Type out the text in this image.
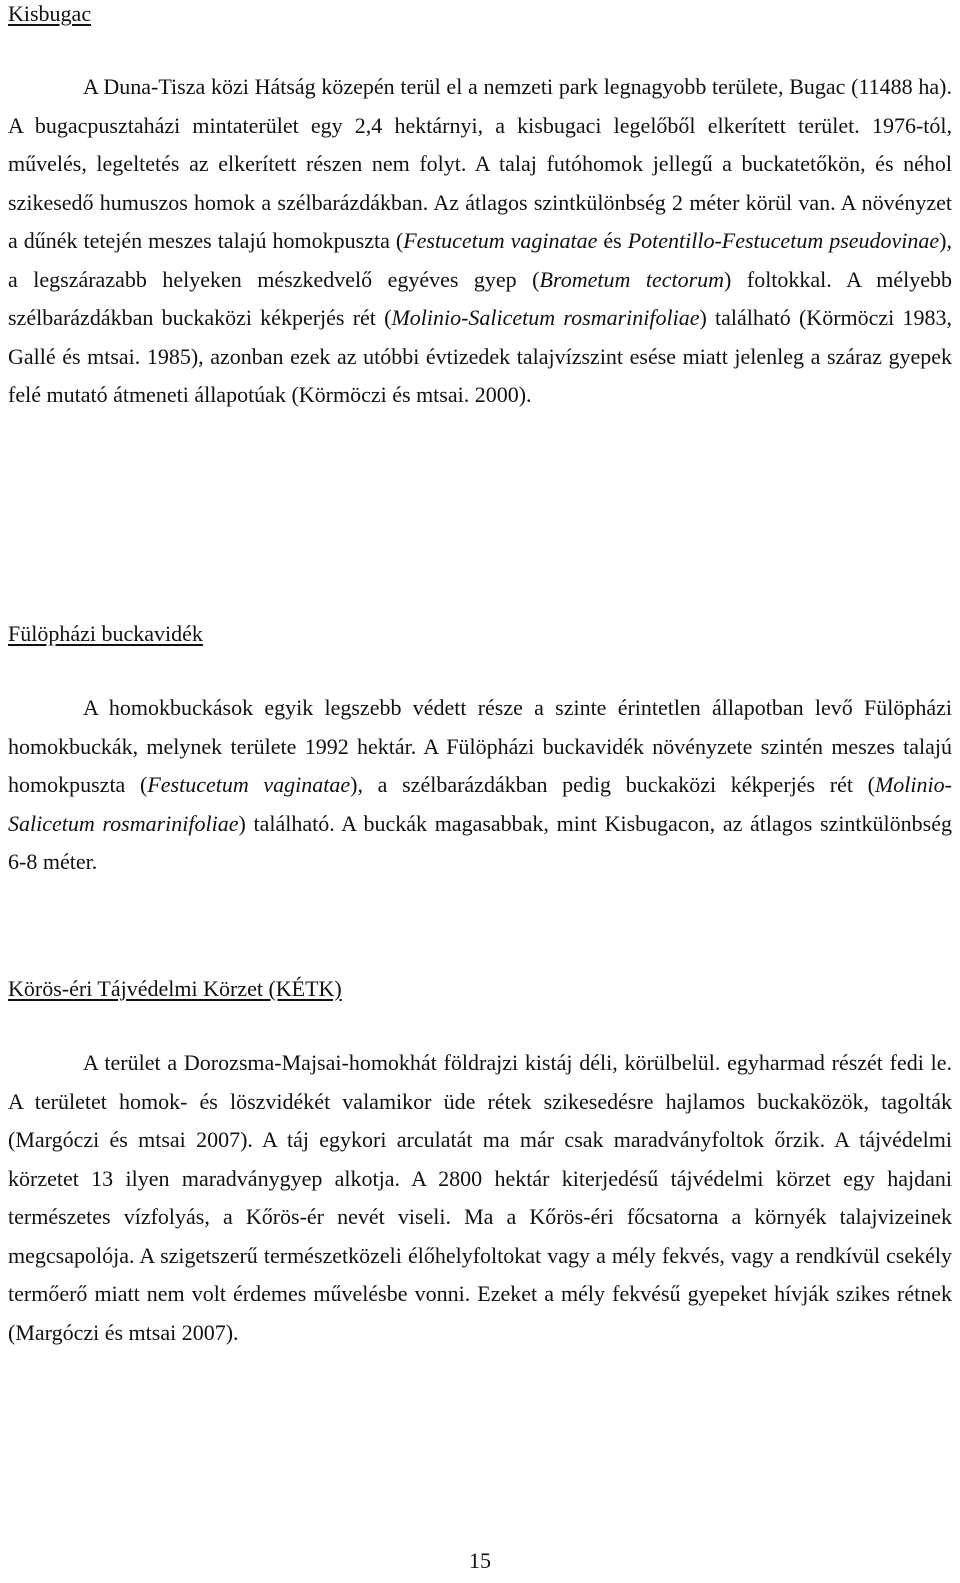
Kisbugac

A Duna-Tisza közi Hátság közepén terül el a nemzeti park legnagyobb területe, Bugac (11488 ha). A bugacpusztaházi mintaterület egy 2,4 hektárnyi, a kisbugaci legelőből elkerített terület. 1976-tól, művelés, legeltetés az elkerített részen nem folyt. A talaj futóhomok jellegű a buckatetőkön, és néhol szikesedő humuszos homok a szélbarázdákban. Az átlagos szintkülönbség 2 méter körül van. A növényzet a dűnék tetején meszes talajú homokpuszta (Festucetum vaginatae és Potentillo-Festucetum pseudovinae), a legszárazabb helyeken mészkedvelő egyéves gyep (Brometum tectorum) foltokkal. A mélyebb szélbarázdákban buckaközi kékperjés rét (Molinio-Salicetum rosmarinifoliae) található (Körmöczi 1983, Gallé és mtsai. 1985), azonban ezek az utóbbi évtizedek talajvízszint esése miatt jelenleg a száraz gyepek felé mutató átmeneti állapotúak (Körmöczi és mtsai. 2000).

Fülöpházi buckavidék

A homokbuckások egyik legszebb védett része a szinte érintetlen állapotban levő Fülöpházi homokbuckák, melynek területe 1992 hektár. A Fülöpházi buckavidék növényzete szintén meszes talajú homokpuszta (Festucetum vaginatae), a szélbarázdákban pedig buckaközi kékperjés rét (Molinio-Salicetum rosmarinifoliae) található. A buckák magasabbak, mint Kisbugacon, az átlagos szintkülönbség 6-8 méter.

Körös-éri Tájvédelmi Körzet (KÉTK)

A terület a Dorozsma-Majsai-homokhát földrajzi kistáj déli, körülbelül. egyharmad részét fedi le. A területet homok- és löszvidékét valamikor üde rétek szikesedésre hajlamos buckaközök, tagolták (Margóczi és mtsai 2007). A táj egykori arculatát ma már csak maradványfoltok őrzik. A tájvédelmi körzetet 13 ilyen maradványgyep alkotja. A 2800 hektár kiterjedésű tájvédelmi körzet egy hajdani természetes vízfolyás, a Kőrös-ér nevét viseli. Ma a Kőrös-éri főcsatorna a környék talajvizeinek megcsapolója. A szigetszerű természetközeli élőhelyfoltokat vagy a mély fekvés, vagy a rendkívül csekély termőerő miatt nem volt érdemes művelésbe vonni. Ezeket a mély fekvésű gyepeket hívják szikes rétnek (Margóczi és mtsai 2007).

15
